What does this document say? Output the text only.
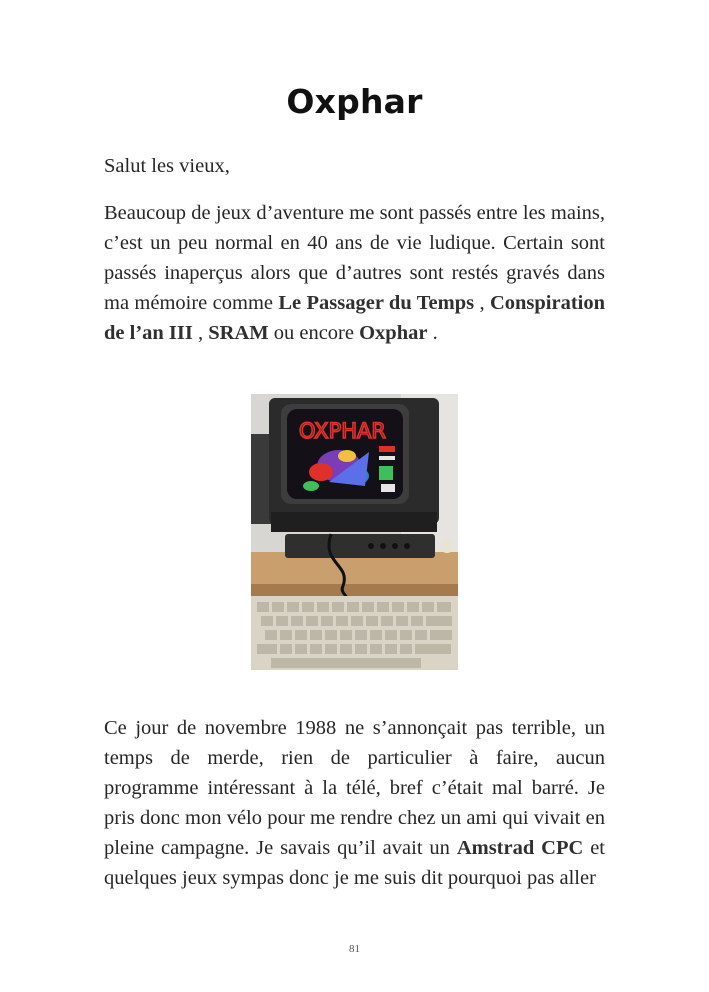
Oxphar

Salut les vieux,

Beaucoup de jeux d’aventure me sont passés entre les mains, c’est un peu normal en 40 ans de vie ludique. Certain sont passés inaperçus alors que d’autres sont restés gravés dans ma mémoire comme Le Passager du Temps , Conspiration de l’an III , SRAM ou encore Oxphar .

OXPHAR

Ce jour de novembre 1988 ne s’annonçait pas terrible, un temps de merde, rien de particulier à faire, aucun programme intéressant à la télé, bref c’était mal barré. Je pris donc mon vélo pour me rendre chez un ami qui vivait en pleine campagne. Je savais qu’il avait un Amstrad CPC et quelques jeux sympas donc je me suis dit pourquoi pas aller

81
